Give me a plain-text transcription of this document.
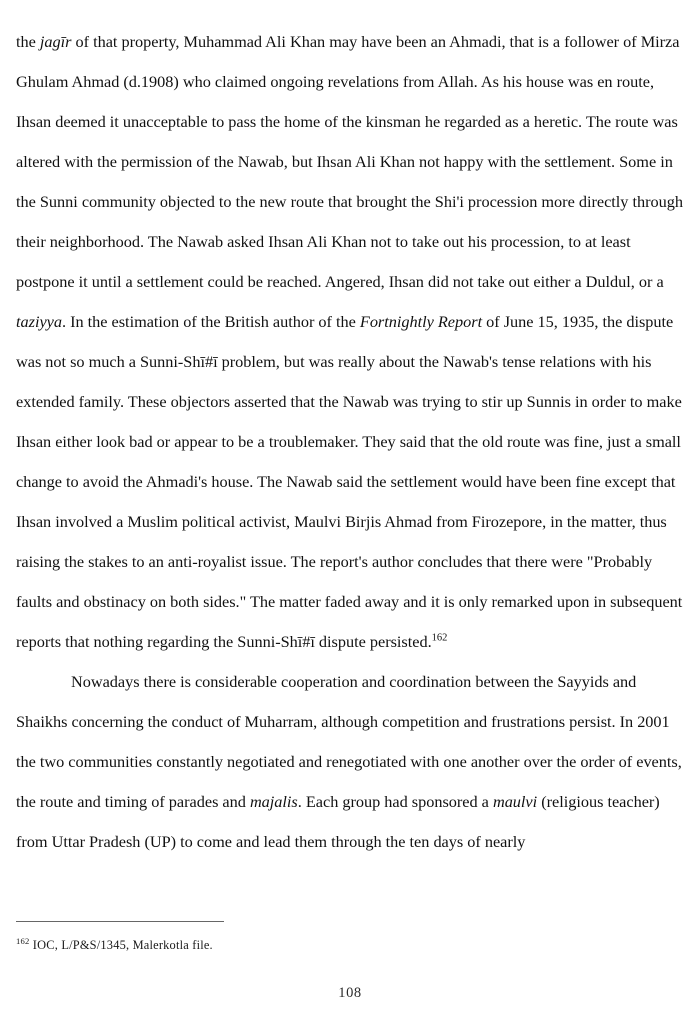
the jagīr of that property, Muhammad Ali Khan may have been an Ahmadi, that is a follower of Mirza Ghulam Ahmad (d.1908) who claimed ongoing revelations from Allah. As his house was en route, Ihsan deemed it unacceptable to pass the home of the kinsman he regarded as a heretic. The route was altered with the permission of the Nawab, but Ihsan Ali Khan not happy with the settlement. Some in the Sunni community objected to the new route that brought the Shi'i procession more directly through their neighborhood. The Nawab asked Ihsan Ali Khan not to take out his procession, to at least postpone it until a settlement could be reached. Angered, Ihsan did not take out either a Duldul, or a taziyya. In the estimation of the British author of the Fortnightly Report of June 15, 1935, the dispute was not so much a Sunni-Shī#ī problem, but was really about the Nawab's tense relations with his extended family. These objectors asserted that the Nawab was trying to stir up Sunnis in order to make Ihsan either look bad or appear to be a troublemaker. They said that the old route was fine, just a small change to avoid the Ahmadi's house. The Nawab said the settlement would have been fine except that Ihsan involved a Muslim political activist, Maulvi Birjis Ahmad from Firozepore, in the matter, thus raising the stakes to an anti-royalist issue. The report's author concludes that there were "Probably faults and obstinacy on both sides." The matter faded away and it is only remarked upon in subsequent reports that nothing regarding the Sunni-Shī#ī dispute persisted.$^{162}$

Nowadays there is considerable cooperation and coordination between the Sayyids and Shaikhs concerning the conduct of Muharram, although competition and frustrations persist. In 2001 the two communities constantly negotiated and renegotiated with one another over the order of events, the route and timing of parades and majalis. Each group had sponsored a maulvi (religious teacher) from Uttar Pradesh (UP) to come and lead them through the ten days of nearly

$^{162}$ IOC, L/P&S/1345, Malerkotla file.
108
